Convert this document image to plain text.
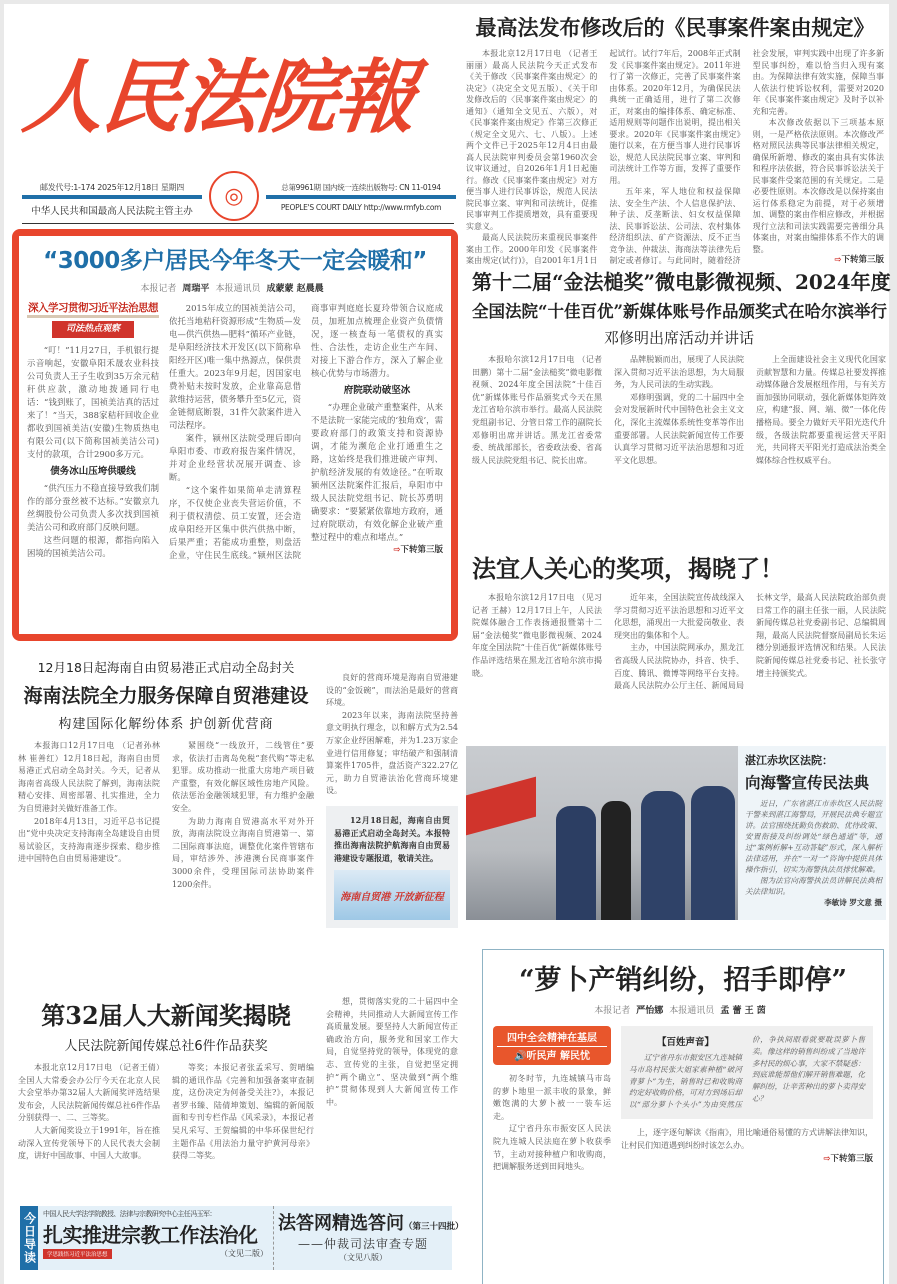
人民法院報
邮发代号:1-174 2025年12月18日 星期四
中华人民共和国最高人民法院主管主办
◎	总第9961期 国内统一连续出版物号: CN 11-0194
PEOPLE'S COURT DAILY http://www.rmfyb.com
最高法发布修改后的《民事案件案由规定》

本报北京12月17日电 （记者王丽丽）最高人民法院今天正式发布《关于修改〈民事案件案由规定〉的决定》（决定全文见五版）、《关于印发修改后的〈民事案件案由规定〉的通知》（通知全文见五、六版），对《民事案件案由规定》作第三次修正（规定全文见六、七、八版）。上述两个文件已于2025年12月4日由最高人民法院审判委员会第1960次会议审议通过，自2026年1月1日起施行。修改《民事案件案由规定》对方便当事人进行民事诉讼，规范人民法院民事立案、审判和司法统计，促推民事审判工作提质增效，具有重要现实意义。

最高人民法院历来重视民事案件案由工作。2000年印发《民事案件案由规定(试行)》，自2001年1月1日起试行。试行7年后，2008年正式制发《民事案件案由规定》。2011年进行了第一次修正，完善了民事案件案由体系。2020年12月，为确保民法典统一正确适用，进行了第二次修正，对案由的编排体系、确定标准、适用规则等问题作出说明，提出相关要求。2020年《民事案件案由规定》施行以来，在方便当事人进行民事诉讼，规范人民法院民事立案、审判和司法统计工作等方面，发挥了重要作用。

五年来，军人地位和权益保障法、安全生产法、个人信息保护法、种子法、反垄断法、妇女权益保障法、民事诉讼法、公司法、农村集体经济组织法、矿产资源法、反不正当竞争法、仲裁法、海商法等法律先后制定或者修订。与此同时，随着经济社会发展，审判实践中出现了许多新型民事纠纷，难以恰当归入现有案由。为保障法律有效实施，保障当事人依法行使诉讼权利，需要对2020年《民事案件案由规定》及时予以补充和完善。

本次修改依据以下三项基本原则，一是严格依法原则。本次修改严格对照民法典等民事法律相关规定，确保所新增、修改的案由具有实体法和程序法依据，符合民事诉讼法关于民事案件受案范围的有关规定。二是必要性原则。本次修改是以保持案由运行体系稳定为前提，对于必须增加、调整的案由作相应修改，并根据现行立法和司法实践需要完善细分具体案由，对案由编排体系不作大的调整。

⇨下转第三版
“3000多户居民今年冬天一定会暖和”
本报记者 周瑞平 本报通讯员 成蒙蒙 赵晨晨
深入学习贯彻习近平法治思想
司法热点观察

“叮！”11月27日，手机银行提示音响起，安徽阜阳禾晟农业科技公司负责人王子生收到35万余元秸秆供应款，激动地拨通同行电话：“钱到账了，国祯美洁真的活过来了！”当天，388家秸秆回收企业都收到国祯美洁(安徽)生物质热电有限公司(以下简称国祯美洁公司)支付的款项，合计2900多万元。

债务冰山压垮供暖线

“供汽压力不稳直接导致我们制作的部分蚕丝被不达标。”安徽京九丝绸股份公司负责人多次找到国祯美洁公司和政府部门反映问题。

这些问题的根源，都指向陷入困境的国祯美洁公司。

2015年成立的国祯美洁公司，依托当地秸秆资源形成“生物质—发电—供汽供热—肥料”循环产业链，是阜阳经济技术开发区(以下简称阜阳经开区)唯一集中热源点，保供责任重大。2023年9月起，因国家电费补贴未按时发放，企业靠高息借款维持运营，债务攀升至5亿元，资金链彻底断裂，31件欠款案件进入司法程序。

案件，颍州区法院受理后即向阜阳市委、市政府报告案件情况，并对企业经营状况展开调查、诊断。

“这个案件如果简单走清算程序，不仅使企业丧失营运价值，不利于债权清偿、员工安置，还会造成阜阳经开区集中供汽供热中断，后果严重；若能成功重整，则盘活企业，守住民生底线。”颍州区法院商事审判庭庭长夏玲带领合议庭成员，加班加点梳理企业资产负债情况，逐一核查每一笔债权的真实性、合法性，走访企业生产车间、对接上下游合作方，深入了解企业核心优势与市场潜力。

府院联动破坚冰

“办理企业破产重整案件，从来不是法院一家能完成的‘独角戏’，需要政府部门的政策支持和资源协调，才能为濒危企业打通重生之路，这始终是我们推进破产审判、护航经济发展的有效途径。”在听取颍州区法院案件汇报后，阜阳市中级人民法院党组书记、院长苏勇明确要求：“要紧紧依靠地方政府，通过府院联动，有效化解企业破产重整过程中的难点和堵点。”

⇨下转第三版
第十二届“金法槌奖”微电影微视频、2024年度
全国法院“十佳百优”新媒体账号作品颁奖式在哈尔滨举行
邓修明出席活动并讲话

本报哈尔滨12月17日电 （记者田鹏）第十二届“金法槌奖”微电影微视频、2024年度全国法院“十佳百优”新媒体账号作品颁奖式今天在黑龙江省哈尔滨市举行。最高人民法院党组副书记、分管日常工作的副院长邓修明出席并讲话。黑龙江省委常委、统战部部长，省委政法委、省高级人民法院党组书记、院长出席。

品牌脱颖而出，展现了人民法院深入贯彻习近平法治思想，为大局服务，为人民司法的生动实践。

邓修明强调，党的二十届四中全会对发展新时代中国特色社会主义文化，深化主流媒体系统性变革等作出重要部署。人民法院新闻宣传工作要认真学习贯彻习近平法治思想和习近平文化思想。

上全面建设社会主义现代化国家贡献智慧和力量。传媒总社要发挥推动媒体融合发展枢纽作用，与有关方面加强协同联动，强化新媒体矩阵效应，构建“报、网、端、微”一体化传播格局。要全力做好天平阳光迭代升级，各级法院都要重视运营天平阳光，共同将天平阳光打造成法治类全媒体综合性权威平台。

法宜人关心的奖项，揭晓了！

本报哈尔滨12月17日电 （见习记者 王赫）12月17日上午，人民法院媒体融合工作表扬通报暨第十二届“金法槌奖”微电影微视频、2024年度全国法院“十佳百优”新媒体账号作品评选结果在黑龙江省哈尔滨市揭晓。

近年来，全国法院宣传战线深入学习贯彻习近平法治思想和习近平文化思想，涌现出一大批爱岗敬业、表现突出的集体和个人。

主办，中国法院网承办，黑龙江省高级人民法院协办，抖音、快手、百度、腾讯、微博等网络平台支持。最高人民法院办公厅主任、新闻局局长林文学，最高人民法院政治部负责日常工作的副主任张一丽，人民法院新闻传媒总社党委副书记、总编辑周翔，最高人民法院督察局副局长朱运穗分别通报评选情况和结果。人民法院新闻传媒总社党委书记、社长张守增主持颁奖式。

12月18日起海南自由贸易港正式启动全岛封关
海南法院全力服务保障自贸港建设
构建国际化解纷体系 护创新优营商

本报海口12月17日电 （记者孙林林 崔善红）12月18日起，海南自由贸易港正式启动全岛封关。今天，记者从海南省高级人民法院了解到，海南法院精心安排、周密部署、扎实推进，全力为自贸港封关做好准备工作。

2018年4月13日，习近平总书记提出“党中央决定支持海南全岛建设自由贸易试验区，支持海南逐步探索、稳步推进中国特色自由贸易港建设”。

紧围绕“一线放开，二线管住”要求，依法打击离岛免税“套代购”等走私犯罪。成功推动一批重大房地产项目破产重整，有效化解区域性房地产风险。依法惩治金融领域犯罪，有力维护金融安全。

为助力海南自贸港高水平对外开放，海南法院设立海南自贸港第一、第二国际商事法庭，调整优化案件管辖布局，审结涉外、涉港澳台民商事案件3000余件，受理国际司法协助案件1200余件。

良好的营商环境是海南自贸港建设的“金饭碗”，而法治是最好的营商环境。

2023年以来，海南法院坚持善意文明执行理念，以和解方式为2.54万家企业纾困解难，并为1.23万家企业进行信用修复；审结破产和强制清算案件1705件，盘活资产322.27亿元，助力自贸港法治化营商环境建设。

12月18日起，海南自由贸易港正式启动全岛封关。本报特推出海南法院护航海南自由贸易港建设专题报道，敬请关注。

海南自贸港 开放新征程
湛江赤坎区法院：
向海警宣传民法典

近日，广东省湛江市赤坎区人民法院干警来到湛江海警局，开展民法典专题宣讲。法官围绕抚勤负伤救助、优待政策、安置衔接及纠纷调处“绿色通道”等，通过“案例析解+互动答疑”形式，深入解析法律适用，并在“一对一”咨询中提供具体操作指引，切实为海警执法员排忧解难。

图为法官向海警执法员讲解民法典相关法律知识。

李敏诗 罗文意 摄
第32届人大新闻奖揭晓
人民法院新闻传媒总社6件作品获奖

本报北京12月17日电 （记者王倩）全国人大常委会办公厅今天在北京人民大会堂举办第32届人大新闻奖评选结果发布会，人民法院新闻传媒总社6件作品分别获得一、二、三等奖。

人大新闻奖设立于1991年，旨在推动深入宣传党领导下的人民代表大会制度，讲好中国故事、中国人大故事。

等奖；本报记者张孟采写、贺晴编辑的通讯作品《完善和加强备案审查制度，这份决定为何备受关注?》，本报记者罗书臻、陆倩坤策划、编辑的新闻版面和专刊专栏作品《风采录》，本报记者吴凡采写、王贺编辑的中华环保世纪行主题作品《用法治力量守护黄河母亲》获得二等奖。

想，贯彻落实党的二十届四中全会精神，共同推动人大新闻宣传工作高质量发展。要坚持人大新闻宣传正确政治方向，服务党和国家工作大局，自觉坚持党的领导，体现党的意志、宣传党的主张，自觉把坚定拥护“两个确立”、坚决做到“两个维护”贯彻体现到人大新闻宣传工作中。

今日导读 中国人民大学法学院教授、法律与宗教研究中心主任冯玉军：
扎实推进宗教工作法治化
学思践悟习近平法治思想	（文见二版）
法答网精选答问（第三十四批）
——仲裁司法审查专题
（文见八版）
“萝卜产销纠纷，招手即停”
本报记者 严怡娜 本报通讯员 孟 蕾 王 茵
四中全会精神在基层
🔊听民声 解民忧

初冬时节，九连城镇马市岛的萝卜地里一派丰收的景象，鲜嫩饱满的大萝卜被一一装车运走。

辽宁省丹东市振安区人民法院九连城人民法庭在萝卜收获季节，主动对接种植户和收购商，把调解服务送到田间地头。

【百姓声音】

辽宁省丹东市振安区九连城镇马市岛村民张大姐家素种植“破河青萝卜”为生，销售时已和收购商约定好收购价格，可对方到场后却以“部分萝卜个头小”为由突然压价，争执间眼看就要耽误萝卜售卖。像这样的销售纠纷成了当地许多村民的烦心事，大家不禁疑惑：到底谁能帮他们解开销售难题，化解纠纷，让辛苦种出的萝卜卖得安心？

上，逐字逐句解读《指南》，用比喻通俗易懂的方式讲解法律知识，让村民们知道遇到纠纷时该怎么办。

⇨下转第三版
